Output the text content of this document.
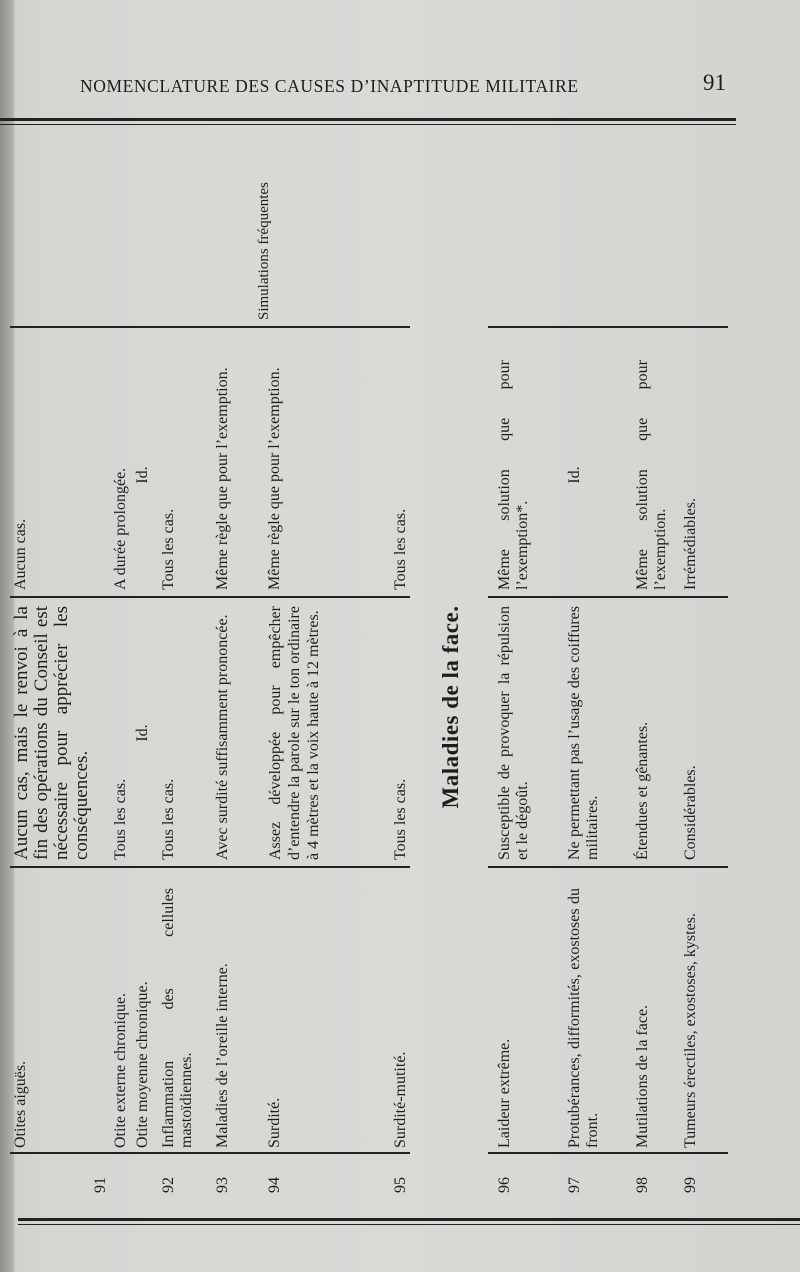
NOMENCLATURE DES CAUSES D’INAPTITUDE MILITAIRE	91
91
Otites aiguës.
Aucun cas, mais le renvoi à la fin des opérations du Conseil est nécessaire pour apprécier les conséquences.
Aucun cas.
Otite externe chronique.
Tous les cas.
A durée prolongée.
Otite moyenne chronique.
Id.
Id.
92
Inflammation des cellules mastoïdiennes.
Tous les cas.
Tous les cas.
93
Maladies de l’oreille interne.
Avec surdité suffisamment prononcée.
Même règle que pour l’exemption.
94
Surdité.
Assez développée pour empêcher d’entendre la parole sur le ton ordinaire à 4 mètres et la voix haute à 12 mètres.
Même règle que pour l’exemption.
95
Surdité-mutité.
Tous les cas.
Tous les cas.
Simulations fréquentes
Maladies de la face.
96
Laideur extrême.
Susceptible de provoquer la répulsion et le dégoût.
Même solution que pour l’exemption*.
97
Protubérances, difformités, exostoses du front.
Ne permettant pas l’usage des coiffures militaires.
Id.
98
Mutilations de la face.
Étendues et gênantes.
Même solution que pour l’exemption.
99
Tumeurs érectiles, exostoses, kystes.
Considérables.
Irrémédiables.
